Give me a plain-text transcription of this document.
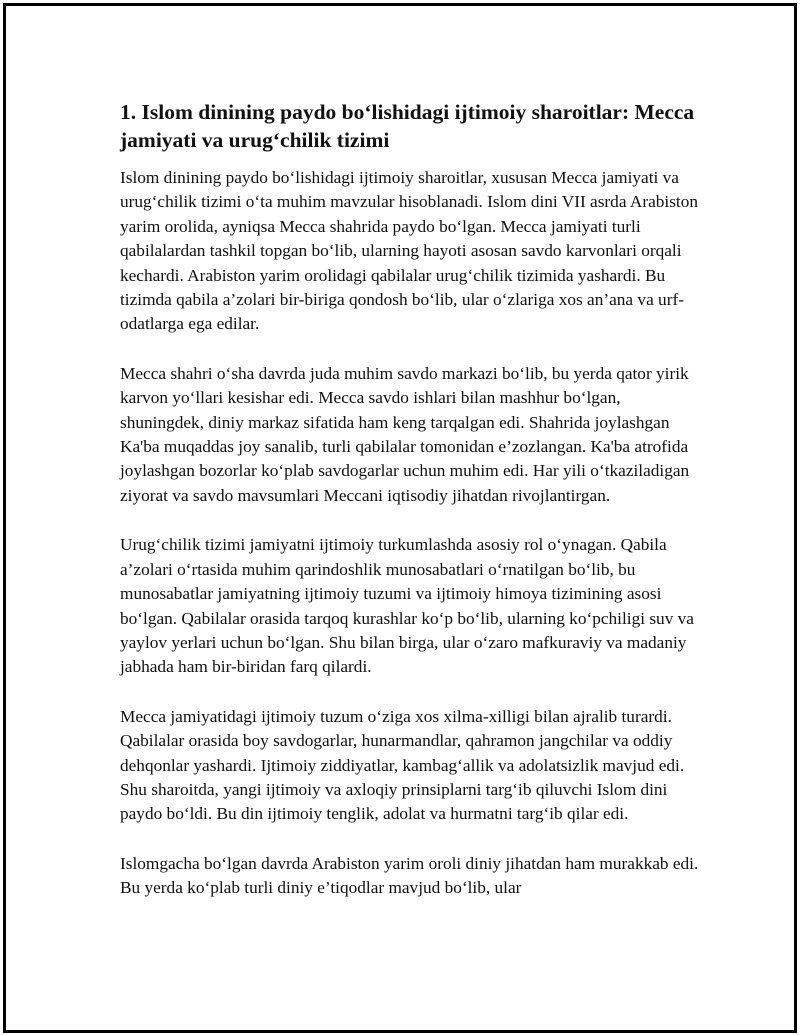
1. Islom dinining paydo bo‘lishidagi ijtimoiy sharoitlar: Mecca jamiyati va urug‘chilik tizimi

Islom dinining paydo bo‘lishidagi ijtimoiy sharoitlar, xususan Mecca jamiyati va urug‘chilik tizimi o‘ta muhim mavzular hisoblanadi. Islom dini VII asrda Arabiston yarim orolida, ayniqsa Mecca shahrida paydo bo‘lgan. Mecca jamiyati turli qabilalardan tashkil topgan bo‘lib, ularning hayoti asosan savdo karvonlari orqali kechardi. Arabiston yarim orolidagi qabilalar urug‘chilik tizimida yashardi. Bu tizimda qabila a’zolari bir-biriga qondosh bo‘lib, ular o‘zlariga xos an’ana va urf-odatlarga ega edilar.

Mecca shahri o‘sha davrda juda muhim savdo markazi bo‘lib, bu yerda qator yirik karvon yo‘llari kesishar edi. Mecca savdo ishlari bilan mashhur bo‘lgan, shuningdek, diniy markaz sifatida ham keng tarqalgan edi. Shahrida joylashgan Ka'ba muqaddas joy sanalib, turli qabilalar tomonidan e’zozlangan. Ka'ba atrofida joylashgan bozorlar ko‘plab savdogarlar uchun muhim edi. Har yili o‘tkaziladigan ziyorat va savdo mavsumlari Meccani iqtisodiy jihatdan rivojlantirgan.

Urug‘chilik tizimi jamiyatni ijtimoiy turkumlashda asosiy rol o‘ynagan. Qabila a’zolari o‘rtasida muhim qarindoshlik munosabatlari o‘rnatilgan bo‘lib, bu munosabatlar jamiyatning ijtimoiy tuzumi va ijtimoiy himoya tizimining asosi bo‘lgan. Qabilalar orasida tarqoq kurashlar ko‘p bo‘lib, ularning ko‘pchiligi suv va yaylov yerlari uchun bo‘lgan. Shu bilan birga, ular o‘zaro mafkuraviy va madaniy jabhada ham bir-biridan farq qilardi.

Mecca jamiyatidagi ijtimoiy tuzum o‘ziga xos xilma-xilligi bilan ajralib turardi. Qabilalar orasida boy savdogarlar, hunarmandlar, qahramon jangchilar va oddiy dehqonlar yashardi. Ijtimoiy ziddiyatlar, kambag‘allik va adolatsizlik mavjud edi. Shu sharoitda, yangi ijtimoiy va axloqiy prinsiplarni targ‘ib qiluvchi Islom dini paydo bo‘ldi. Bu din ijtimoiy tenglik, adolat va hurmatni targ‘ib qilar edi.

Islomgacha bo‘lgan davrda Arabiston yarim oroli diniy jihatdan ham murakkab edi. Bu yerda ko‘plab turli diniy e’tiqodlar mavjud bo‘lib, ular
